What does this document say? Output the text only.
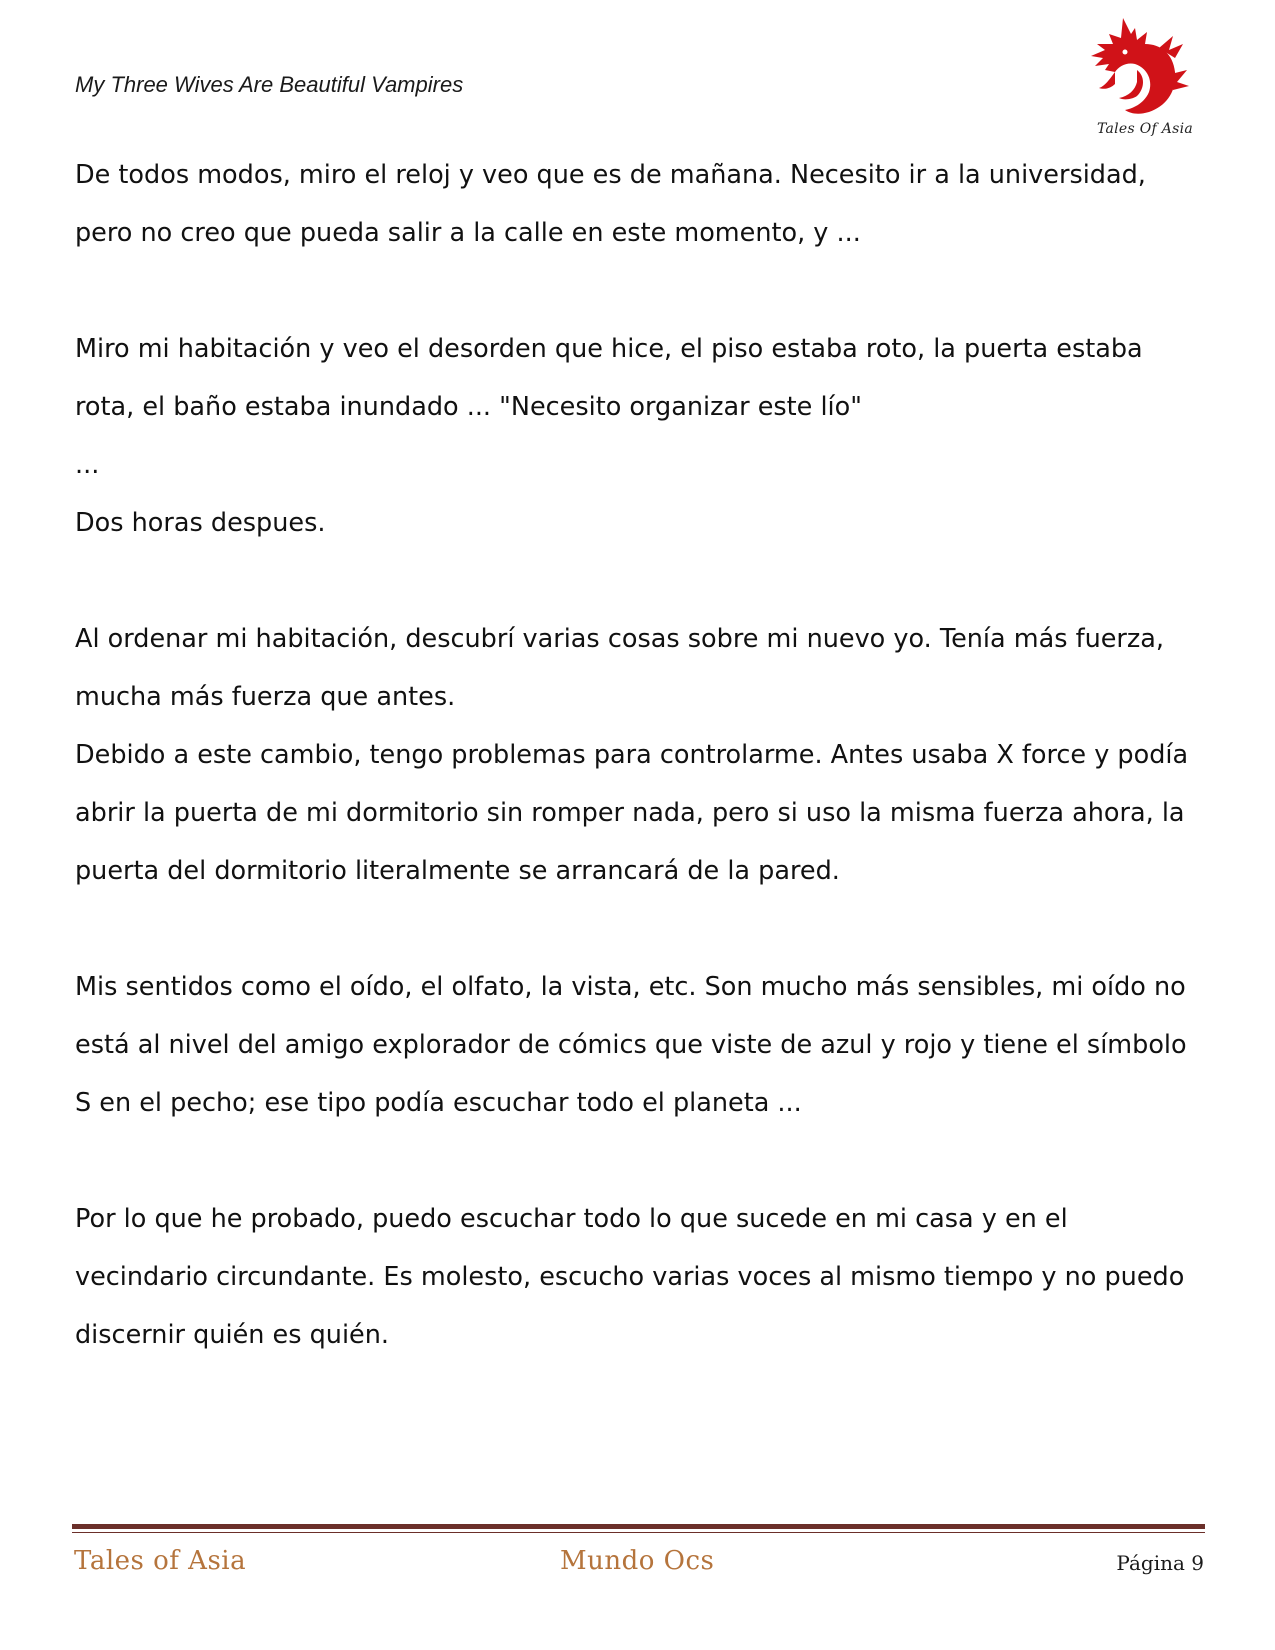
My Three Wives Are Beautiful Vampires
Tales Of Asia

De todos modos, miro el reloj y veo que es de mañana. Necesito ir a la universidad,

pero no creo que pueda salir a la calle en este momento, y ...

Miro mi habitación y veo el desorden que hice, el piso estaba roto, la puerta estaba

rota, el baño estaba inundado ... "Necesito organizar este lío"

...

Dos horas despues.

Al ordenar mi habitación, descubrí varias cosas sobre mi nuevo yo. Tenía más fuerza,

mucha más fuerza que antes.

Debido a este cambio, tengo problemas para controlarme. Antes usaba X force y podía

abrir la puerta de mi dormitorio sin romper nada, pero si uso la misma fuerza ahora, la

puerta del dormitorio literalmente se arrancará de la pared.

Mis sentidos como el oído, el olfato, la vista, etc. Son mucho más sensibles, mi oído no

está al nivel del amigo explorador de cómics que viste de azul y rojo y tiene el símbolo

S en el pecho; ese tipo podía escuchar todo el planeta ...

Por lo que he probado, puedo escuchar todo lo que sucede en mi casa y en el

vecindario circundante. Es molesto, escucho varias voces al mismo tiempo y no puedo

discernir quién es quién.

Tales of Asia	Mundo Ocs	Página 9
